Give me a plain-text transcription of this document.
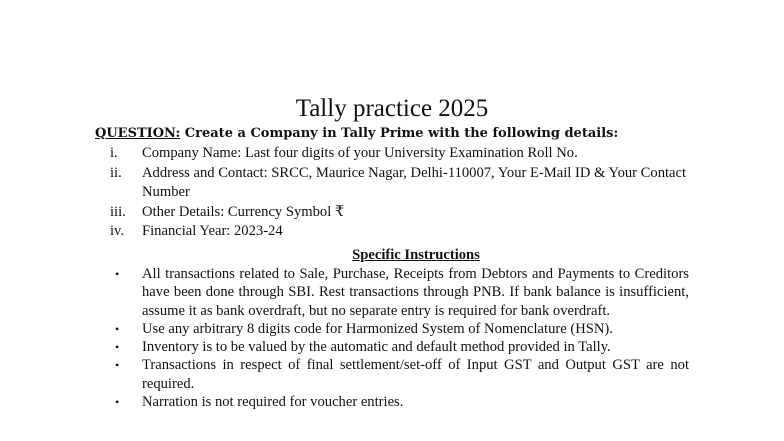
Tally practice 2025
QUESTION: Create a Company in Tally Prime with the following details:
i. Company Name: Last four digits of your University Examination Roll No.
ii. Address and Contact: SRCC, Maurice Nagar, Delhi-110007, Your E-Mail ID & Your Contact Number
iii. Other Details: Currency Symbol ₹
iv. Financial Year: 2023-24
Specific Instructions
• All transactions related to Sale, Purchase, Receipts from Debtors and Payments to Creditors have been done through SBI. Rest transactions through PNB. If bank balance is insufficient, assume it as bank overdraft, but no separate entry is required for bank overdraft.
• Use any arbitrary 8 digits code for Harmonized System of Nomenclature (HSN).
• Inventory is to be valued by the automatic and default method provided in Tally.
• Transactions in respect of final settlement/set-off of Input GST and Output GST are not required.
• Narration is not required for voucher entries.
